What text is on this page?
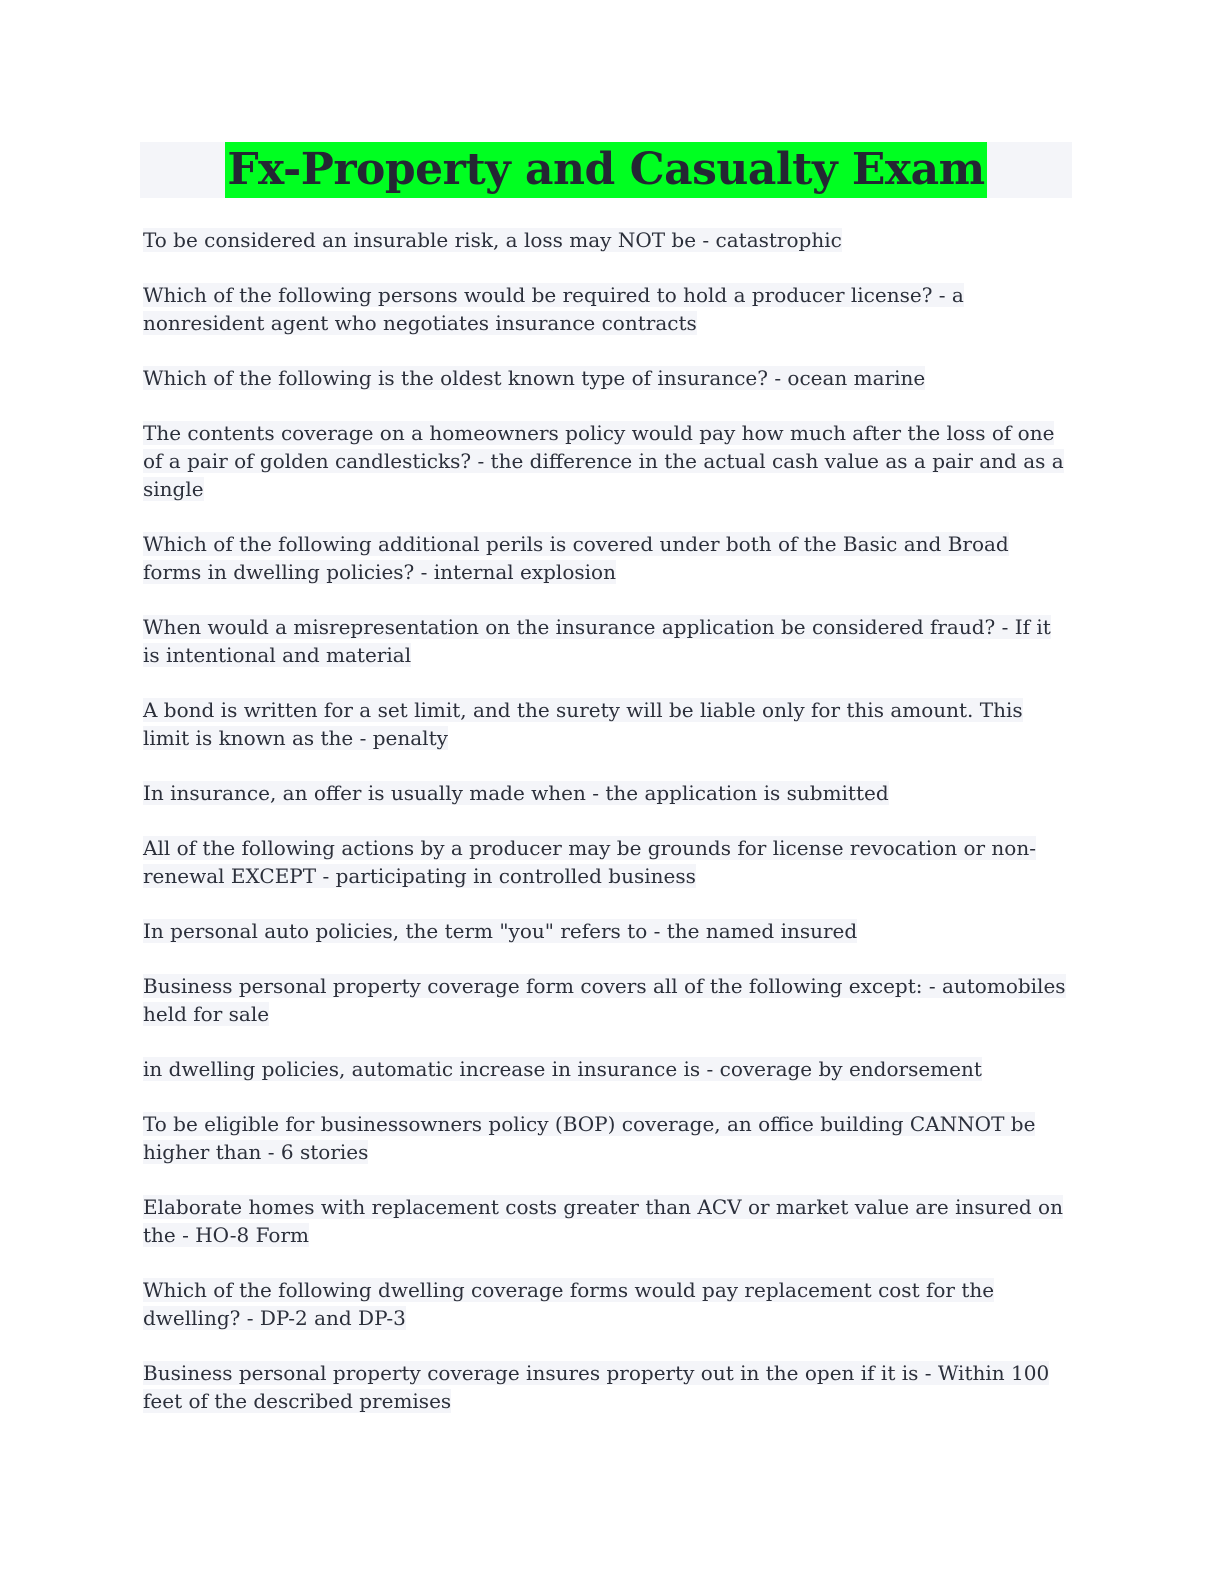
Fx-Property and Casualty Exam

To be considered an insurable risk, a loss may NOT be - catastrophic

Which of the following persons would be required to hold a producer license? - a nonresident agent who negotiates insurance contracts

Which of the following is the oldest known type of insurance? - ocean marine

The contents coverage on a homeowners policy would pay how much after the loss of one of a pair of golden candlesticks? - the difference in the actual cash value as a pair and as a single

Which of the following additional perils is covered under both of the Basic and Broad forms in dwelling policies? - internal explosion

When would a misrepresentation on the insurance application be considered fraud? - If it is intentional and material

A bond is written for a set limit, and the surety will be liable only for this amount. This limit is known as the - penalty

In insurance, an offer is usually made when - the application is submitted

All of the following actions by a producer may be grounds for license revocation or non-renewal EXCEPT - participating in controlled business

In personal auto policies, the term "you" refers to - the named insured

Business personal property coverage form covers all of the following except: - automobiles held for sale

in dwelling policies, automatic increase in insurance is - coverage by endorsement

To be eligible for businessowners policy (BOP) coverage, an office building CANNOT be higher than - 6 stories

Elaborate homes with replacement costs greater than ACV or market value are insured on the - HO-8 Form

Which of the following dwelling coverage forms would pay replacement cost for the dwelling? - DP-2 and DP-3

Business personal property coverage insures property out in the open if it is - Within 100 feet of the described premises
